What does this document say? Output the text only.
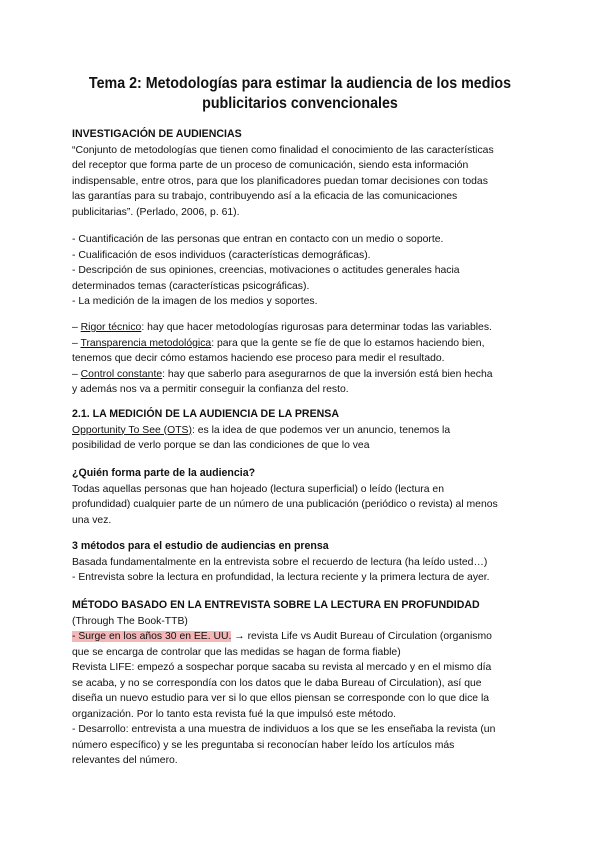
Tema 2: Metodologías para estimar la audiencia de los medios
publicitarios convencionales
INVESTIGACIÓN DE AUDIENCIAS
“Conjunto de metodologías que tienen como finalidad el conocimiento de las características
del receptor que forma parte de un proceso de comunicación, siendo esta información
indispensable, entre otros, para que los planificadores puedan tomar decisiones con todas
las garantías para su trabajo, contribuyendo así a la eficacia de las comunicaciones
publicitarias”. (Perlado, 2006, p. 61).
- Cuantificación de las personas que entran en contacto con un medio o soporte.
- Cualificación de esos individuos (características demográficas).
- Descripción de sus opiniones, creencias, motivaciones o actitudes generales hacia
determinados temas (características psicográficas).
- La medición de la imagen de los medios y soportes.
– Rigor técnico: hay que hacer metodologías rigurosas para determinar todas las variables.
– Transparencia metodológica: para que la gente se fíe de que lo estamos haciendo bien,
tenemos que decir cómo estamos haciendo ese proceso para medir el resultado.
– Control constante: hay que saberlo para asegurarnos de que la inversión está bien hecha
y además nos va a permitir conseguir la confianza del resto.
2.1. LA MEDICIÓN DE LA AUDIENCIA DE LA PRENSA
Opportunity To See (OTS): es la idea de que podemos ver un anuncio, tenemos la
posibilidad de verlo porque se dan las condiciones de que lo vea
¿Quién forma parte de la audiencia?
Todas aquellas personas que han hojeado (lectura superficial) o leído (lectura en
profundidad) cualquier parte de un número de una publicación (periódico o revista) al menos
una vez.
3 métodos para el estudio de audiencias en prensa
Basada fundamentalmente en la entrevista sobre el recuerdo de lectura (ha leído usted…)
- Entrevista sobre la lectura en profundidad, la lectura reciente y la primera lectura de ayer.
MÉTODO BASADO EN LA ENTREVISTA SOBRE LA LECTURA EN PROFUNDIDAD
(Through The Book-TTB)
- Surge en los años 30 en EE. UU. → revista Life vs Audit Bureau of Circulation (organismo
que se encarga de controlar que las medidas se hagan de forma fiable)
Revista LIFE: empezó a sospechar porque sacaba su revista al mercado y en el mismo día
se acaba, y no se correspondía con los datos que le daba Bureau of Circulation), así que
diseña un nuevo estudio para ver si lo que ellos piensan se corresponde con lo que dice la
organización. Por lo tanto esta revista fué la que impulsó este método.
- Desarrollo: entrevista a una muestra de individuos a los que se les enseñaba la revista (un
número específico) y se les preguntaba si reconocían haber leído los artículos más
relevantes del número.
